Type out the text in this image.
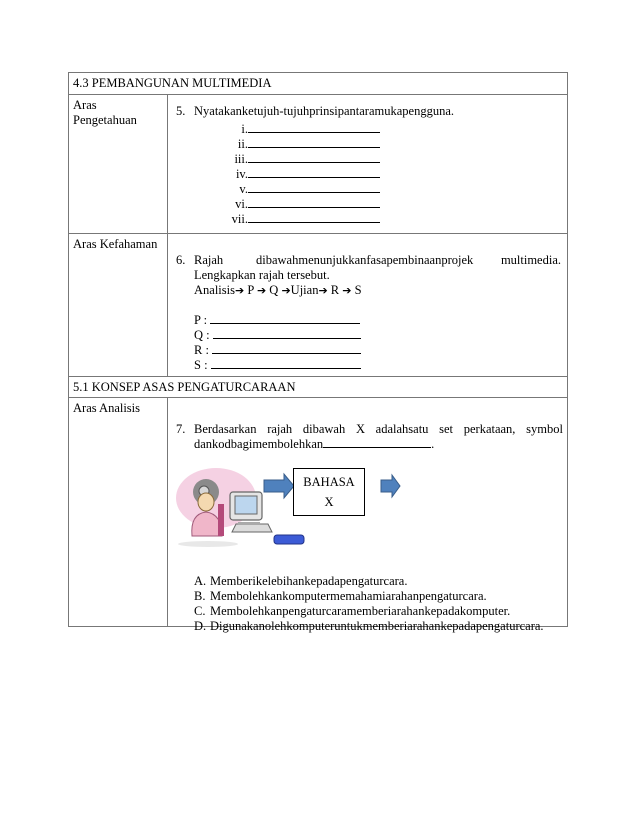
4.3 PEMBANGUNAN MULTIMEDIA
Aras
Pengetahuan
5. Nyatakanketujuh-tujuhprinsipantaramukapengguna.
i.
ii.
iii.
iv.
v.
vi.
vii.
Aras Kefahaman
6. Rajah	dibawahmenunjukkanfasapembinaanprojek multimedia.
Lengkapkan rajah tersebut.
Analisis➔ P ➔ Q ➔Ujian➔ R ➔ S
P :
Q :
R :
S :
5.1 KONSEP ASAS PENGATURCARAAN
Aras Analisis
7. Berdasarkan rajah dibawah X adalahsatu set perkataan, symbol
dankodbagimembolehkan	.
BAHASA
X
A. Memberikelebihankepadapengaturcara.
B. Membolehkankomputermemahamiarahanpengaturcara.
C. Membolehkanpengaturcaramemberiarahankepadakomputer.
D. Digunakanolehkomputeruntukmemberiarahankepadapengaturcara.
